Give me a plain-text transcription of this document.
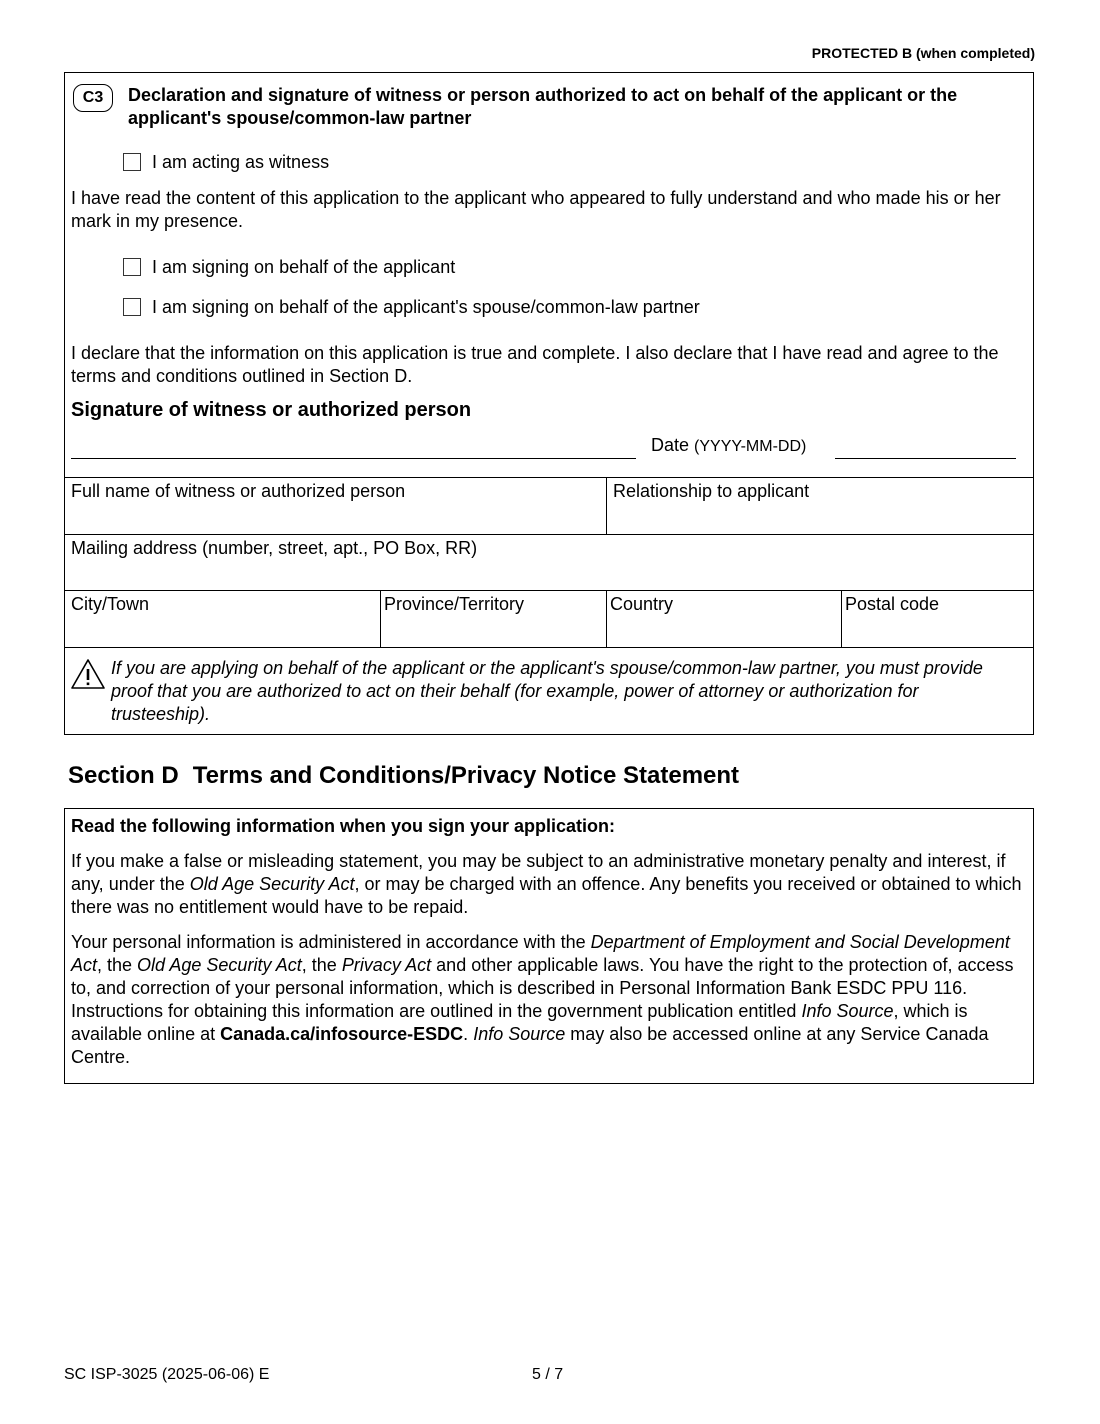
PROTECTED B (when completed)
C3	Declaration and signature of witness or person authorized to act on behalf of the applicant or the applicant's spouse/common-law partner
I am acting as witness
I have read the content of this application to the applicant who appeared to fully understand and who made his or her mark in my presence.
I am signing on behalf of the applicant
I am signing on behalf of the applicant's spouse/common-law partner
I declare that the information on this application is true and complete. I also declare that I have read and agree to the terms and conditions outlined in Section D.
Signature of witness or authorized person
Date (YYYY-MM-DD)
Full name of witness or authorized person	Relationship to applicant
Mailing address (number, street, apt., PO Box, RR)
City/Town	Province/Territory	Country	Postal code
If you are applying on behalf of the applicant or the applicant's spouse/common-law partner, you must provide proof that you are authorized to act on their behalf (for example, power of attorney or authorization for trusteeship).
Section D Terms and Conditions/Privacy Notice Statement

Read the following information when you sign your application:

If you make a false or misleading statement, you may be subject to an administrative monetary penalty and interest, if any, under the Old Age Security Act, or may be charged with an offence. Any benefits you received or obtained to which there was no entitlement would have to be repaid.

Your personal information is administered in accordance with the Department of Employment and Social Development Act, the Old Age Security Act, the Privacy Act and other applicable laws. You have the right to the protection of, access to, and correction of your personal information, which is described in Personal Information Bank ESDC PPU 116. Instructions for obtaining this information are outlined in the government publication entitled Info Source, which is available online at Canada.ca/infosource-ESDC. Info Source may also be accessed online at any Service Canada Centre.

SC ISP-3025 (2025-06-06) E	5 / 7
